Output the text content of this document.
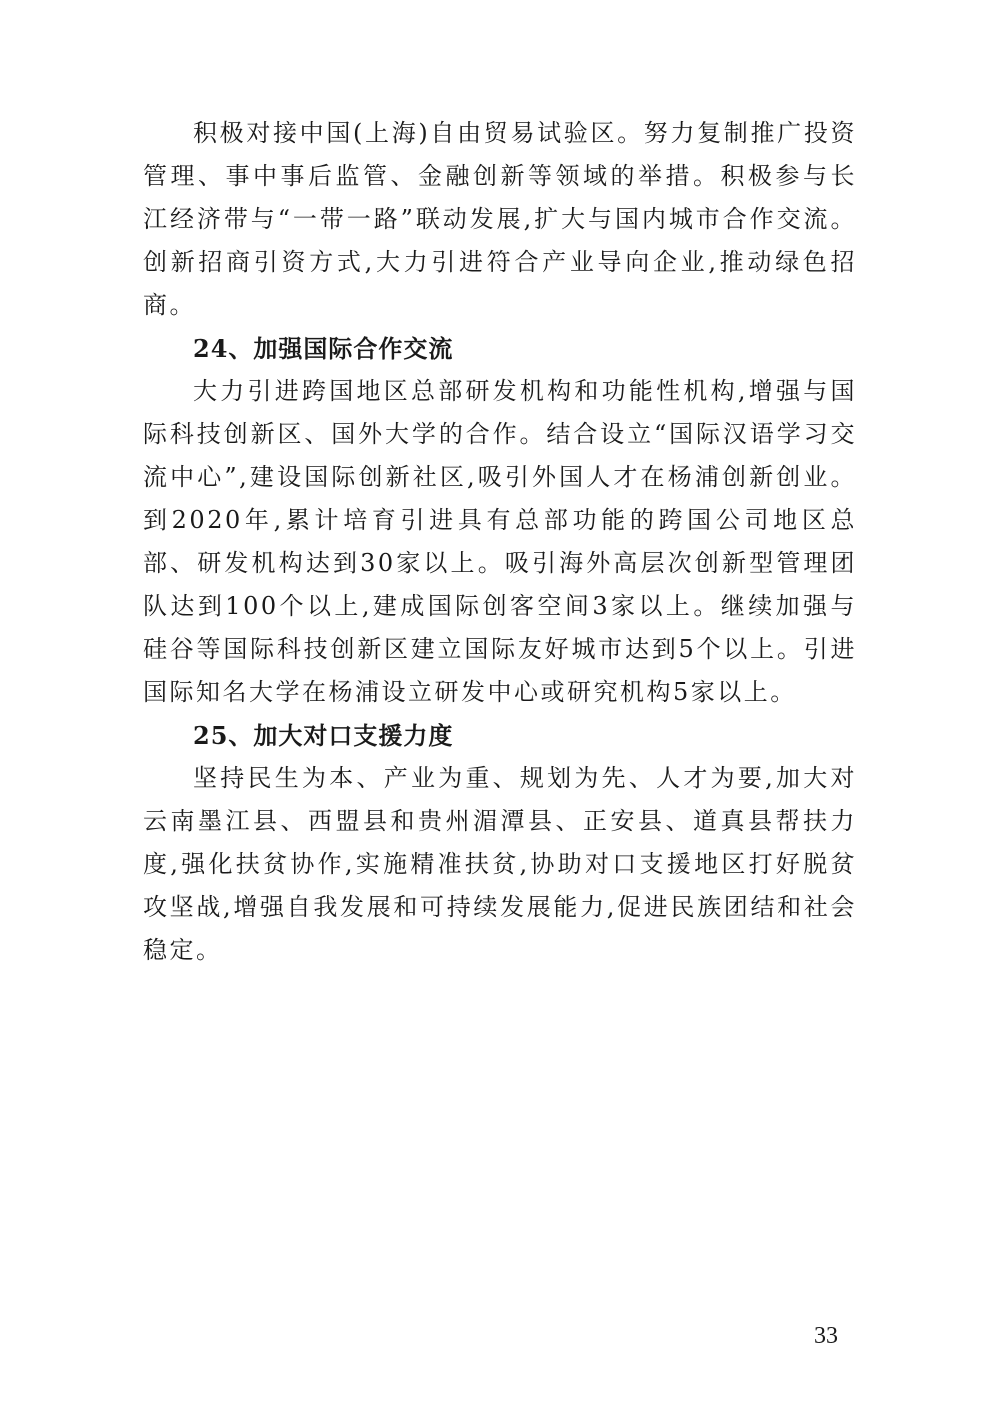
积极对接中国(上海)自由贸易试验区。努力复制推广投资管理、事中事后监管、金融创新等领域的举措。积极参与长江经济带与“一带一路”联动发展,扩大与国内城市合作交流。创新招商引资方式,大力引进符合产业导向企业,推动绿色招商。

24、加强国际合作交流

大力引进跨国地区总部研发机构和功能性机构,增强与国际科技创新区、国外大学的合作。结合设立“国际汉语学习交流中心”,建设国际创新社区,吸引外国人才在杨浦创新创业。到2020年,累计培育引进具有总部功能的跨国公司地区总部、研发机构达到30家以上。吸引海外高层次创新型管理团队达到100个以上,建成国际创客空间3家以上。继续加强与硅谷等国际科技创新区建立国际友好城市达到5个以上。引进国际知名大学在杨浦设立研发中心或研究机构5家以上。

25、加大对口支援力度

坚持民生为本、产业为重、规划为先、人才为要,加大对云南墨江县、西盟县和贵州湄潭县、正安县、道真县帮扶力度,强化扶贫协作,实施精准扶贫,协助对口支援地区打好脱贫攻坚战,增强自我发展和可持续发展能力,促进民族团结和社会稳定。

33
